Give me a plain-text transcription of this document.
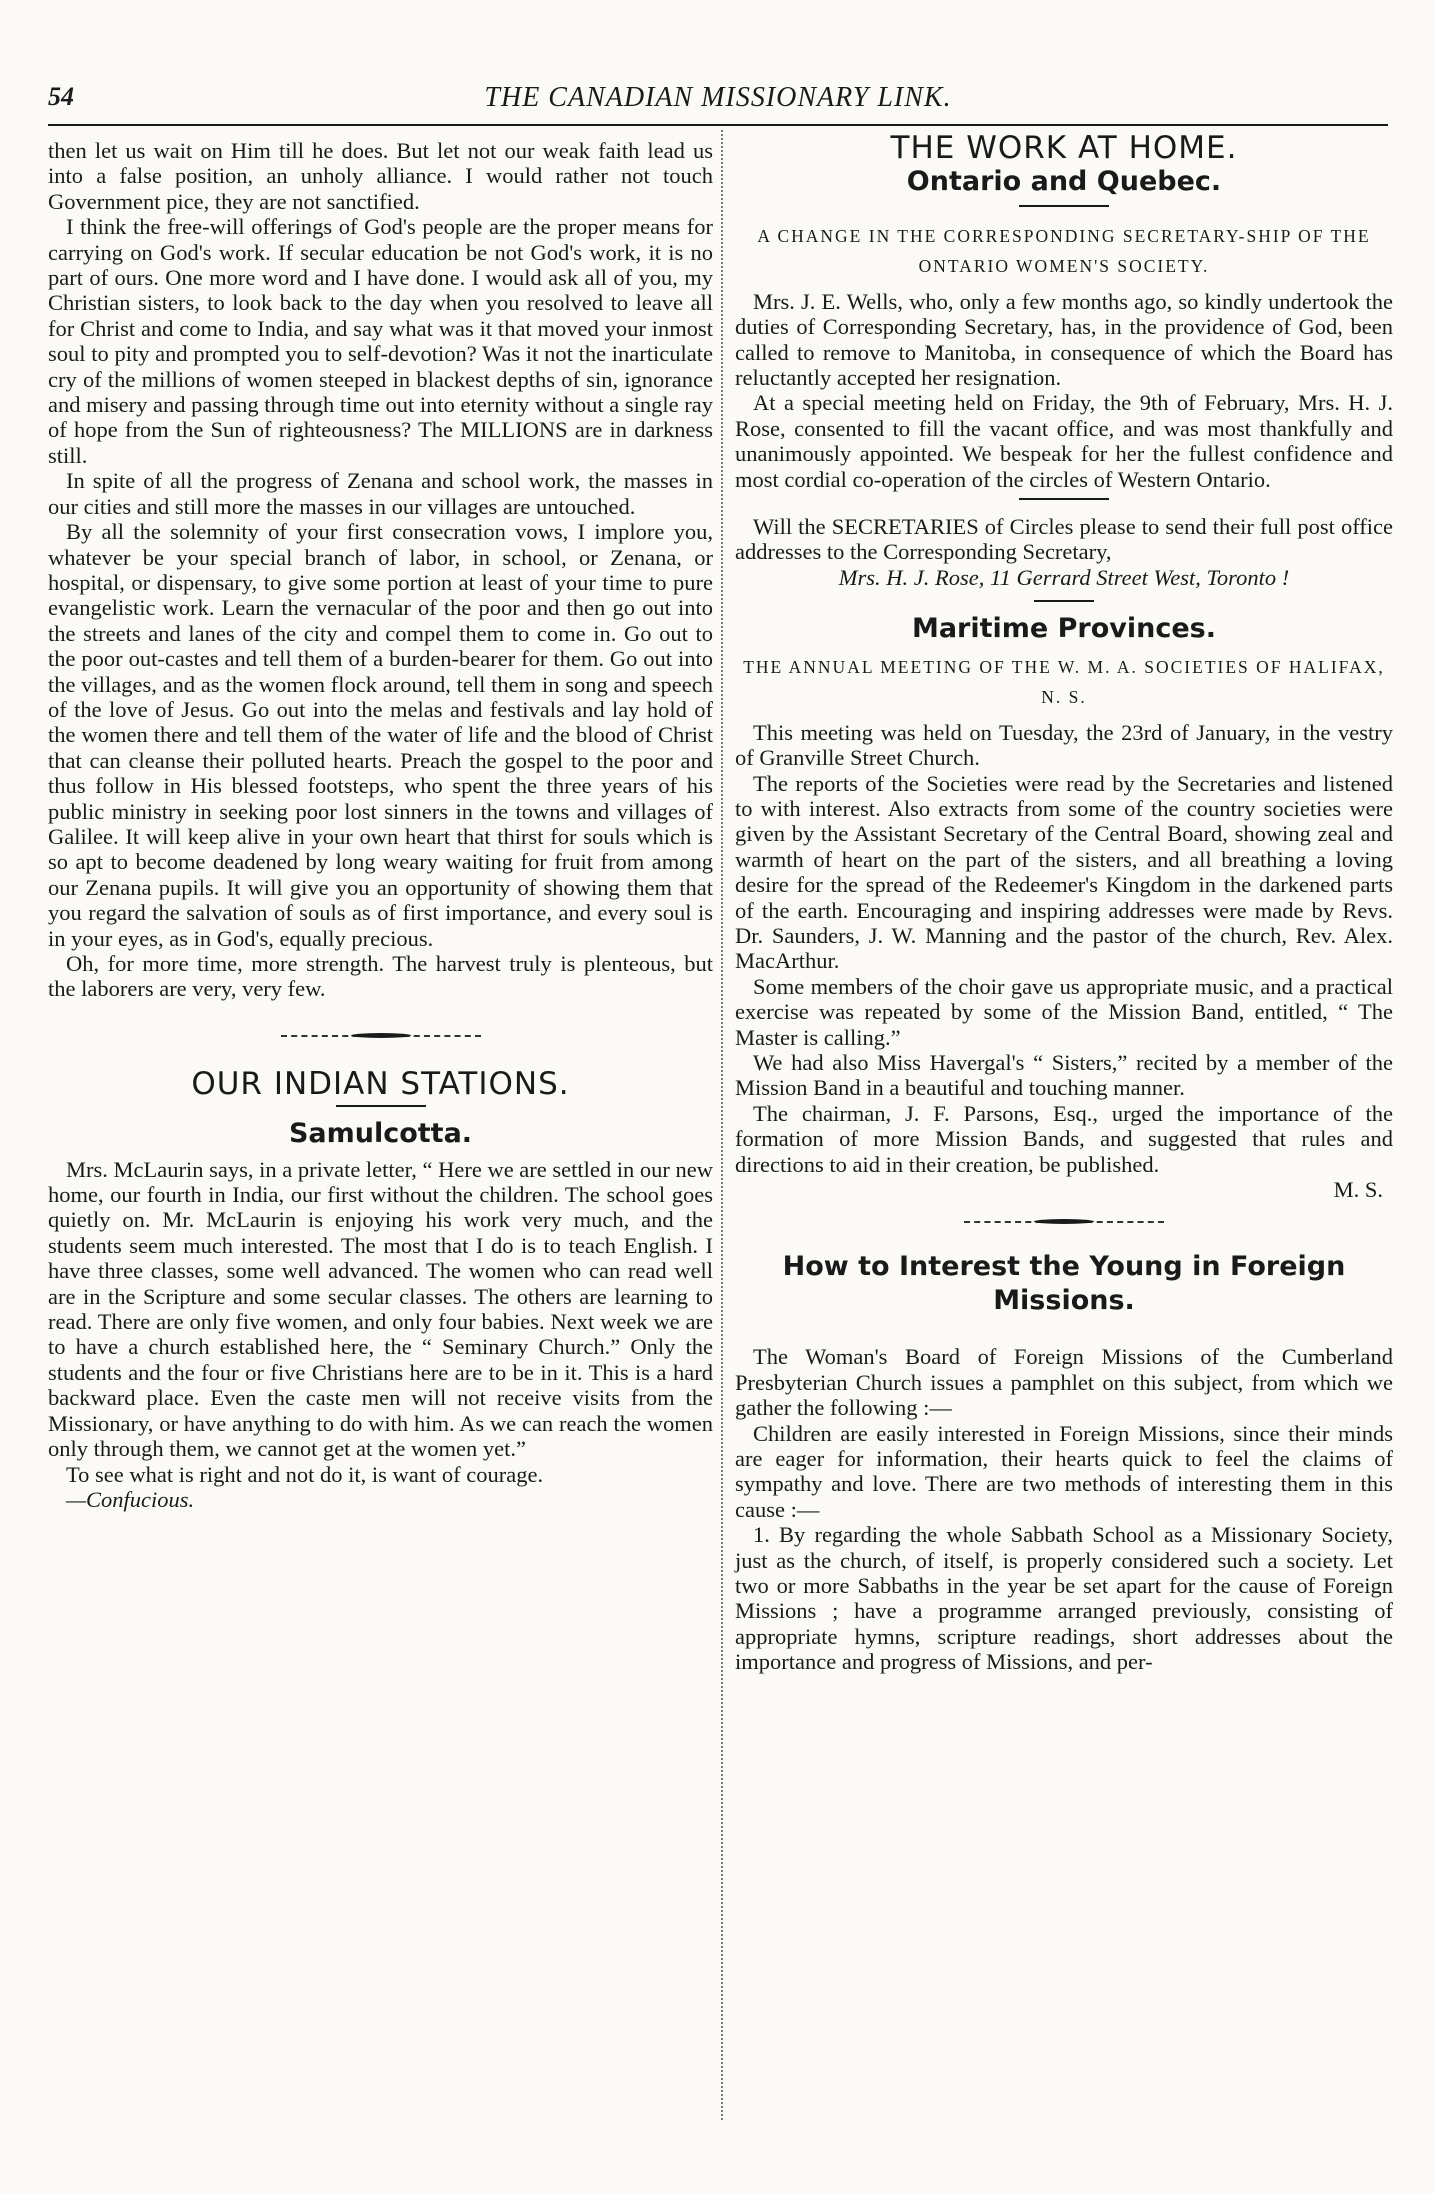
54	THE CANADIAN MISSIONARY LINK.

then let us wait on Him till he does. But let not our weak faith lead us into a false position, an unholy alliance. I would rather not touch Government pice, they are not sanctified.

I think the free-will offerings of God's people are the proper means for carrying on God's work. If secular education be not God's work, it is no part of ours. One more word and I have done. I would ask all of you, my Christian sisters, to look back to the day when you resolved to leave all for Christ and come to India, and say what was it that moved your inmost soul to pity and prompted you to self-devotion? Was it not the inarticulate cry of the millions of women steeped in blackest depths of sin, ignorance and misery and passing through time out into eternity without a single ray of hope from the Sun of righteousness? The MILLIONS are in darkness still.

In spite of all the progress of Zenana and school work, the masses in our cities and still more the masses in our villages are untouched.

By all the solemnity of your first consecration vows, I implore you, whatever be your special branch of labor, in school, or Zenana, or hospital, or dispensary, to give some portion at least of your time to pure evangelistic work. Learn the vernacular of the poor and then go out into the streets and lanes of the city and compel them to come in. Go out to the poor out-castes and tell them of a burden-bearer for them. Go out into the villages, and as the women flock around, tell them in song and speech of the love of Jesus. Go out into the melas and festivals and lay hold of the women there and tell them of the water of life and the blood of Christ that can cleanse their polluted hearts. Preach the gospel to the poor and thus follow in His blessed footsteps, who spent the three years of his public ministry in seeking poor lost sinners in the towns and villages of Galilee. It will keep alive in your own heart that thirst for souls which is so apt to become deadened by long weary waiting for fruit from among our Zenana pupils. It will give you an opportunity of showing them that you regard the salvation of souls as of first importance, and every soul is in your eyes, as in God's, equally precious.

Oh, for more time, more strength. The harvest truly is plenteous, but the laborers are very, very few.

OUR INDIAN STATIONS.
Samulcotta.

Mrs. McLaurin says, in a private letter, “ Here we are settled in our new home, our fourth in India, our first without the children. The school goes quietly on. Mr. McLaurin is enjoying his work very much, and the students seem much interested. The most that I do is to teach English. I have three classes, some well advanced. The women who can read well are in the Scripture and some secular classes. The others are learning to read. There are only five women, and only four babies. Next week we are to have a church established here, the “ Seminary Church.” Only the students and the four or five Christians here are to be in it. This is a hard backward place. Even the caste men will not receive visits from the Missionary, or have anything to do with him. As we can reach the women only through them, we cannot get at the women yet.”

To see what is right and not do it, is want of courage.

—Confucious.

THE WORK AT HOME.
Ontario and Quebec.
A CHANGE IN THE CORRESPONDING SECRETARY-SHIP OF THE ONTARIO WOMEN'S SOCIETY.

Mrs. J. E. Wells, who, only a few months ago, so kindly undertook the duties of Corresponding Secretary, has, in the providence of God, been called to remove to Manitoba, in consequence of which the Board has reluctantly accepted her resignation.

At a special meeting held on Friday, the 9th of February, Mrs. H. J. Rose, consented to fill the vacant office, and was most thankfully and unanimously appointed. We bespeak for her the fullest confidence and most cordial co-operation of the circles of Western Ontario.

Will the SECRETARIES of Circles please to send their full post office addresses to the Corresponding Secretary,

Mrs. H. J. Rose, 11 Gerrard Street West, Toronto !

Maritime Provinces.
THE ANNUAL MEETING OF THE W. M. A. SOCIETIES OF HALIFAX, N. S.

This meeting was held on Tuesday, the 23rd of January, in the vestry of Granville Street Church.

The reports of the Societies were read by the Secretaries and listened to with interest. Also extracts from some of the country societies were given by the Assistant Secretary of the Central Board, showing zeal and warmth of heart on the part of the sisters, and all breathing a loving desire for the spread of the Redeemer's Kingdom in the darkened parts of the earth. Encouraging and inspiring addresses were made by Revs. Dr. Saunders, J. W. Manning and the pastor of the church, Rev. Alex. MacArthur.

Some members of the choir gave us appropriate music, and a practical exercise was repeated by some of the Mission Band, entitled, “ The Master is calling.”

We had also Miss Havergal's “ Sisters,” recited by a member of the Mission Band in a beautiful and touching manner.

The chairman, J. F. Parsons, Esq., urged the importance of the formation of more Mission Bands, and suggested that rules and directions to aid in their creation, be published.

M. S.

How to Interest the Young in Foreign Missions.

The Woman's Board of Foreign Missions of the Cumberland Presbyterian Church issues a pamphlet on this subject, from which we gather the following :—

Children are easily interested in Foreign Missions, since their minds are eager for information, their hearts quick to feel the claims of sympathy and love. There are two methods of interesting them in this cause :—

1. By regarding the whole Sabbath School as a Missionary Society, just as the church, of itself, is properly considered such a society. Let two or more Sabbaths in the year be set apart for the cause of Foreign Missions ; have a programme arranged previously, consisting of appropriate hymns, scripture readings, short addresses about the importance and progress of Missions, and per-
